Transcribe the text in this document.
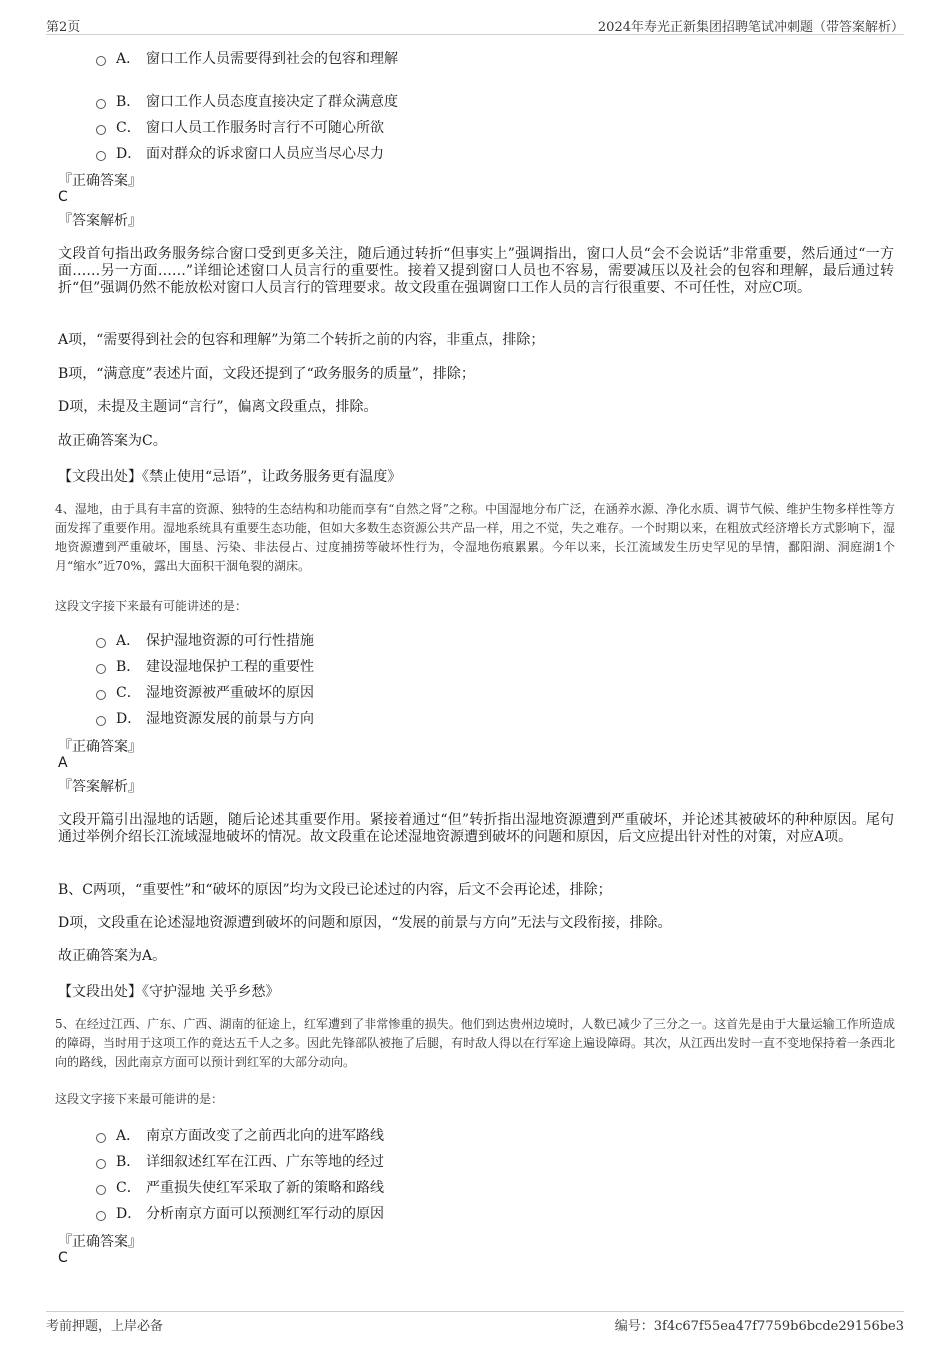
第2页	2024年寿光正新集团招聘笔试冲刺题（带答案解析）
A． 窗口工作人员需要得到社会的包容和理解
B． 窗口工作人员态度直接决定了群众满意度
C． 窗口人员工作服务时言行不可随心所欲
D． 面对群众的诉求窗口人员应当尽心尽力
『正确答案』
C
『答案解析』
文段首句指出政务服务综合窗口受到更多关注，随后通过转折“但事实上”强调指出，窗口人员“会不会说话”非常重要，然后通过“一方面……另一方面……”详细论述窗口人员言行的重要性。接着又提到窗口人员也不容易，需要减压以及社会的包容和理解，最后通过转折“但”强调仍然不能放松对窗口人员言行的管理要求。故文段重在强调窗口工作人员的言行很重要、不可任性，对应C项。
A项，“需要得到社会的包容和理解”为第二个转折之前的内容，非重点，排除；
B项，“满意度”表述片面，文段还提到了“政务服务的质量”，排除；
D项，未提及主题词“言行”，偏离文段重点，排除。
故正确答案为C。
【文段出处】《禁止使用“忌语”，让政务服务更有温度》
4、湿地，由于具有丰富的资源、独特的生态结构和功能而享有“自然之肾”之称。中国湿地分布广泛，在涵养水源、净化水质、调节气候、维护生物多样性等方面发挥了重要作用。湿地系统具有重要生态功能，但如大多数生态资源公共产品一样，用之不觉，失之难存。一个时期以来，在粗放式经济增长方式影响下，湿地资源遭到严重破坏，围垦、污染、非法侵占、过度捕捞等破坏性行为，令湿地伤痕累累。今年以来，长江流域发生历史罕见的旱情，鄱阳湖、洞庭湖1个月“缩水”近70%，露出大面积干涸龟裂的湖床。
这段文字接下来最有可能讲述的是：
A． 保护湿地资源的可行性措施
B． 建设湿地保护工程的重要性
C． 湿地资源被严重破坏的原因
D． 湿地资源发展的前景与方向
『正确答案』
A
『答案解析』
文段开篇引出湿地的话题，随后论述其重要作用。紧接着通过“但”转折指出湿地资源遭到严重破坏，并论述其被破坏的种种原因。尾句通过举例介绍长江流域湿地破坏的情况。故文段重在论述湿地资源遭到破坏的问题和原因，后文应提出针对性的对策，对应A项。
B、C两项，“重要性”和“破坏的原因”均为文段已论述过的内容，后文不会再论述，排除；
D项，文段重在论述湿地资源遭到破坏的问题和原因，“发展的前景与方向”无法与文段衔接，排除。
故正确答案为A。
【文段出处】《守护湿地 关乎乡愁》
5、在经过江西、广东、广西、湖南的征途上，红军遭到了非常惨重的损失。他们到达贵州边境时，人数已减少了三分之一。这首先是由于大量运输工作所造成的障碍，当时用于这项工作的竟达五千人之多。因此先锋部队被拖了后腿，有时敌人得以在行军途上遍设障碍。其次，从江西出发时一直不变地保持着一条西北向的路线，因此南京方面可以预计到红军的大部分动向。
这段文字接下来最可能讲的是：
A． 南京方面改变了之前西北向的进军路线
B． 详细叙述红军在江西、广东等地的经过
C． 严重损失使红军采取了新的策略和路线
D． 分析南京方面可以预测红军行动的原因
『正确答案』
C
考前押题，上岸必备	编号：3f4c67f55ea47f7759b6bcde29156be3
